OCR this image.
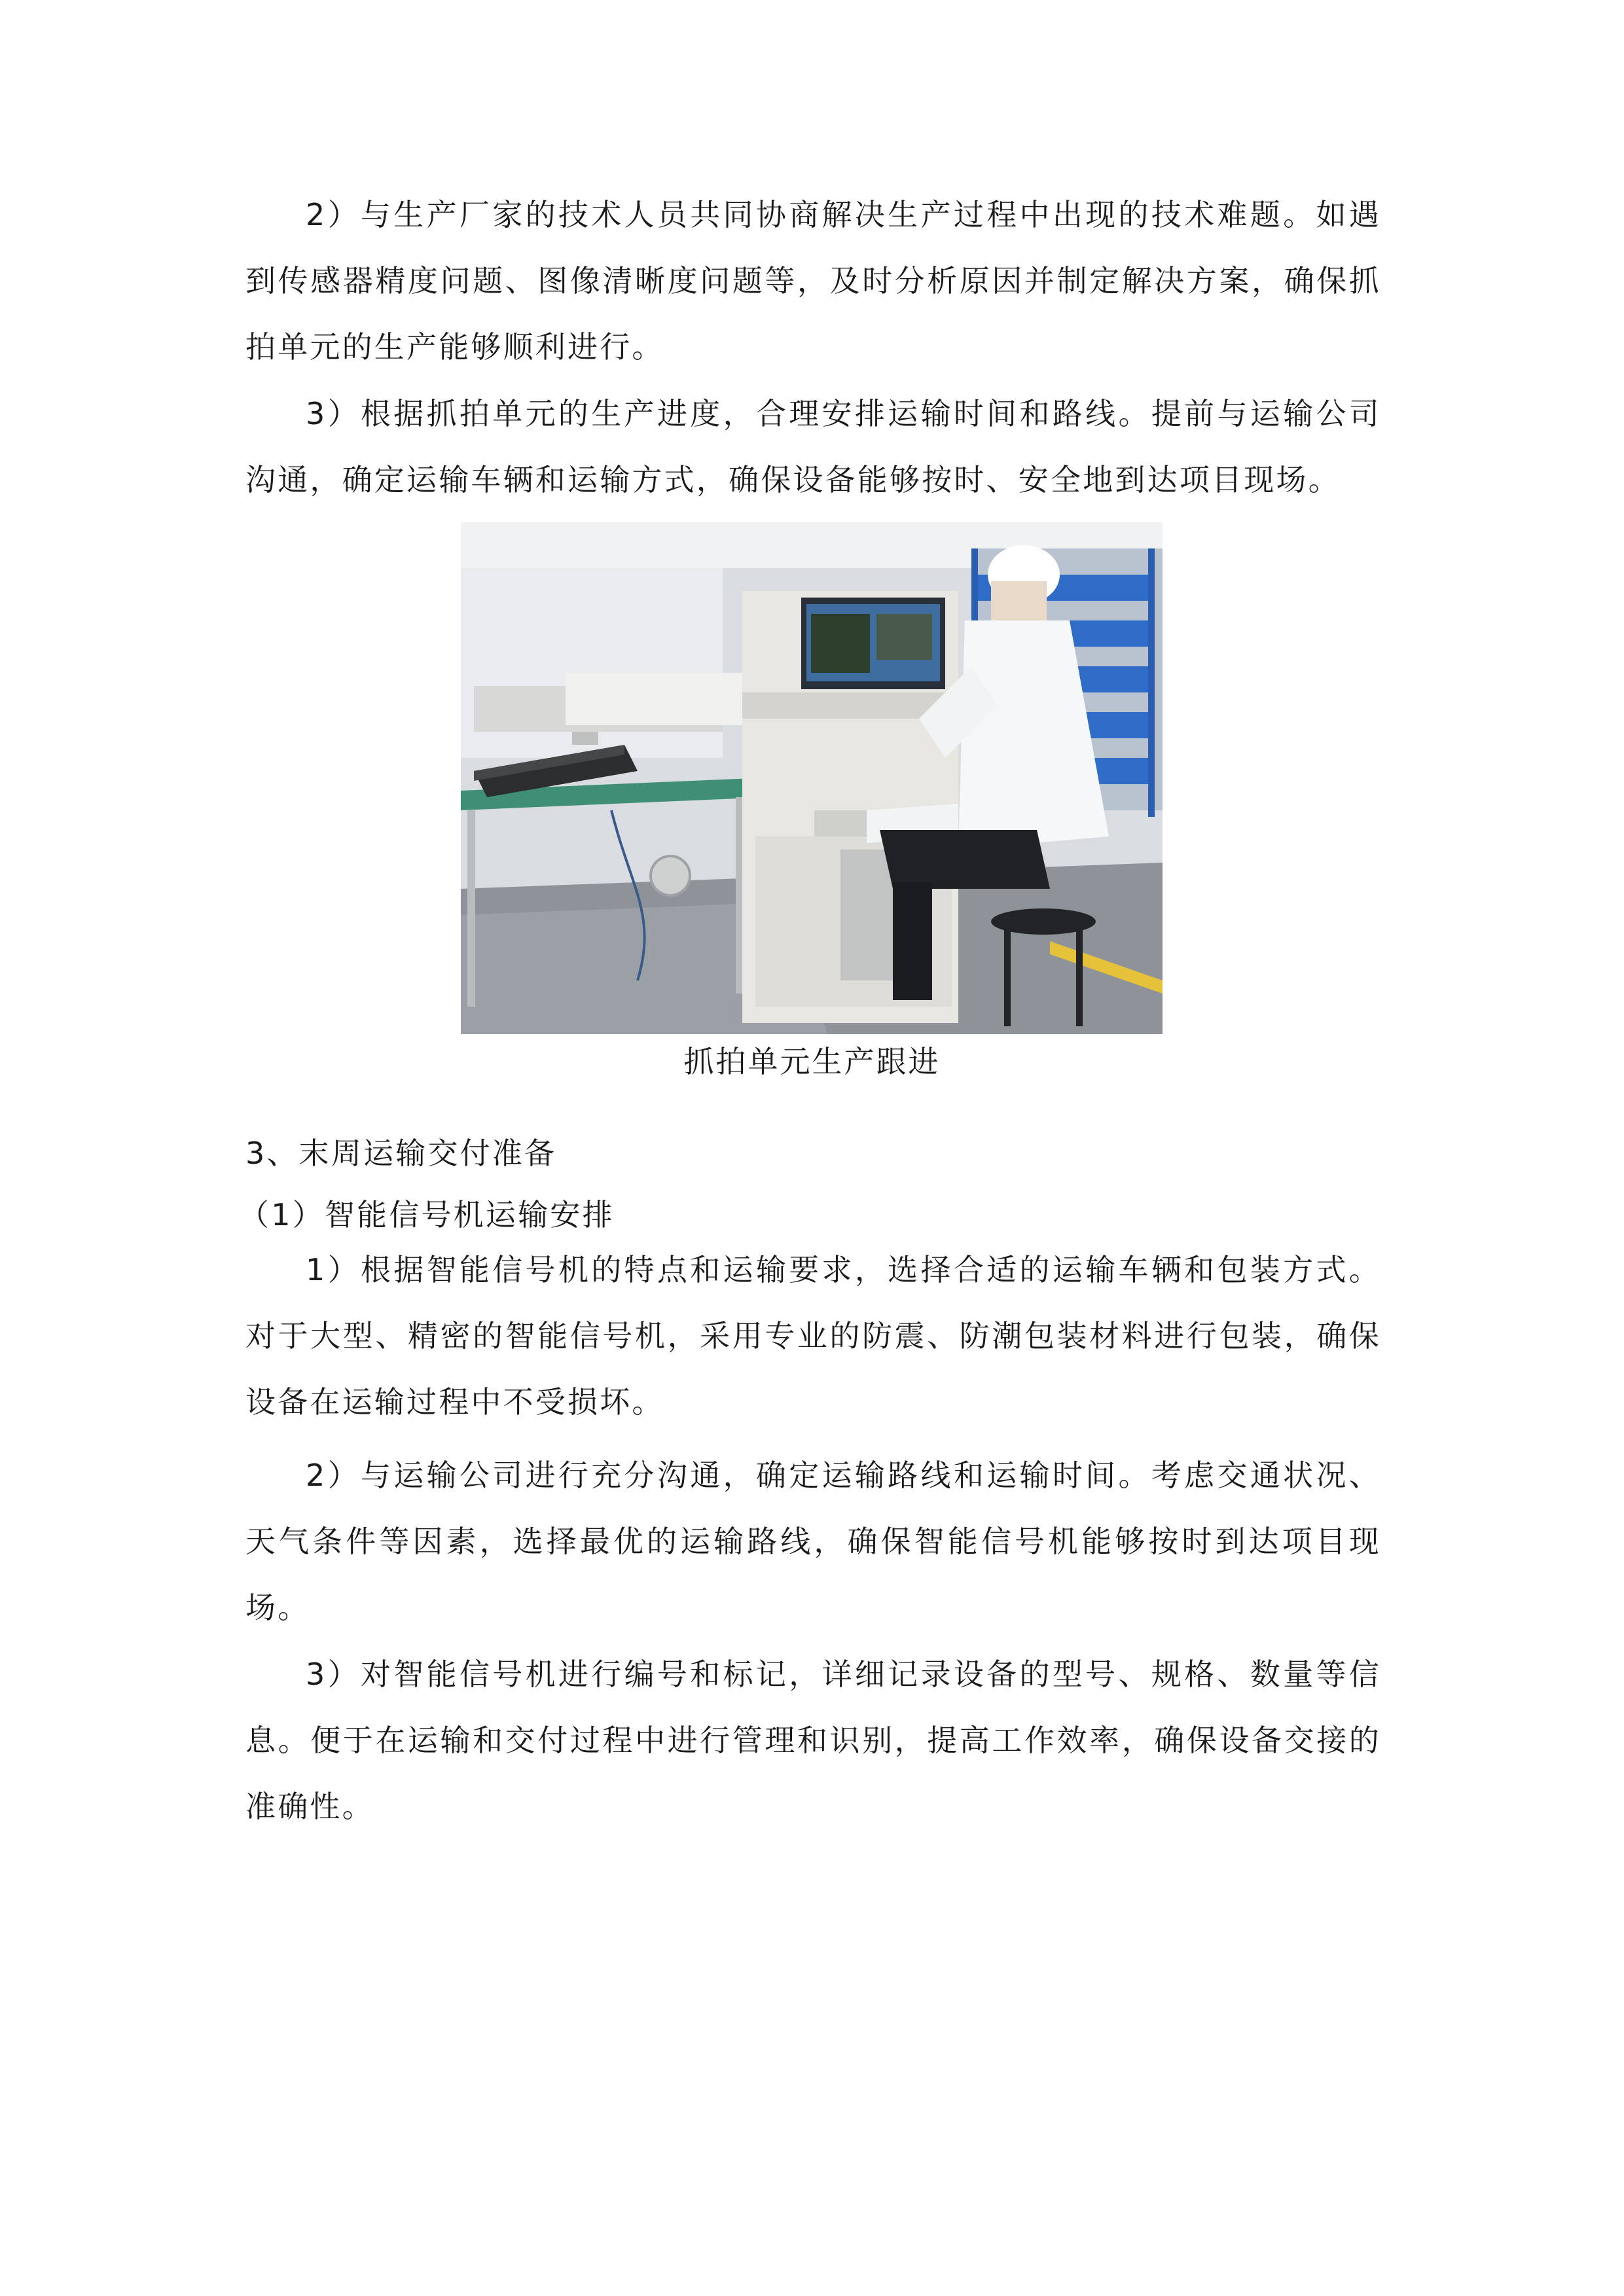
2）与生产厂家的技术人员共同协商解决生产过程中出现的技术难题。如遇到传感器精度问题、图像清晰度问题等，及时分析原因并制定解决方案，确保抓拍单元的生产能够顺利进行。

3）根据抓拍单元的生产进度，合理安排运输时间和路线。提前与运输公司沟通，确定运输车辆和运输方式，确保设备能够按时、安全地到达项目现场。

抓拍单元生产跟进
3、末周运输交付准备
（1）智能信号机运输安排

1）根据智能信号机的特点和运输要求，选择合适的运输车辆和包装方式。对于大型、精密的智能信号机，采用专业的防震、防潮包装材料进行包装，确保设备在运输过程中不受损坏。

2）与运输公司进行充分沟通，确定运输路线和运输时间。考虑交通状况、天气条件等因素，选择最优的运输路线，确保智能信号机能够按时到达项目现场。

3）对智能信号机进行编号和标记，详细记录设备的型号、规格、数量等信息。便于在运输和交付过程中进行管理和识别，提高工作效率，确保设备交接的准确性。
